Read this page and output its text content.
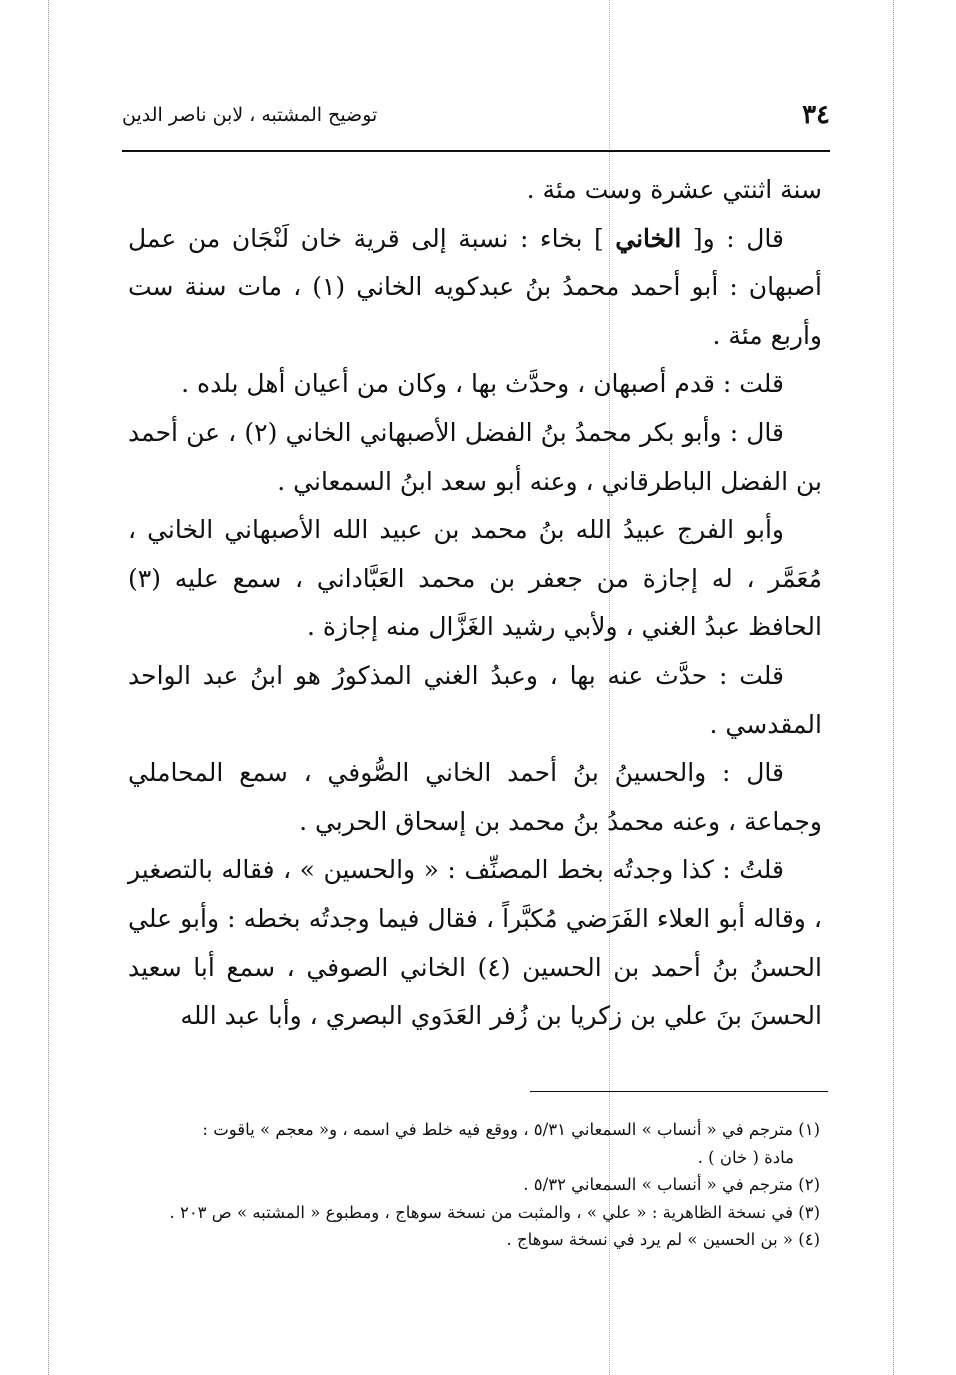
٣٤
توضيح المشتبه ، لابن ناصر الدين

سنة اثنتي عشرة وست مئة .

قال : و[ الخاني ] بخاء : نسبة إلى قرية خان لَنْجَان من عمل أصبهان : أبو أحمد محمدُ بنُ عبدكويه الخاني (١) ، مات سنة ست وأربع مئة .

قلت : قدم أصبهان ، وحدَّث بها ، وكان من أعيان أهل بلده .

قال : وأبو بكر محمدُ بنُ الفضل الأصبهاني الخاني (٢) ، عن أحمد بن الفضل الباطرقاني ، وعنه أبو سعد ابنُ السمعاني .

وأبو الفرج عبيدُ الله بنُ محمد بن عبيد الله الأصبهاني الخاني ، مُعَمَّر ، له إجازة من جعفر بن محمد العَبَّاداني ، سمع عليه (٣) الحافظ عبدُ الغني ، ولأبي رشيد الغَزَّال منه إجازة .

قلت : حدَّث عنه بها ، وعبدُ الغني المذكورُ هو ابنُ عبد الواحد المقدسي .

قال : والحسينُ بنُ أحمد الخاني الصُّوفي ، سمع المحاملي وجماعة ، وعنه محمدُ بنُ محمد بن إسحاق الحربي .

قلتُ : كذا وجدتُه بخط المصنِّف : « والحسين » ، فقاله بالتصغير ، وقاله أبو العلاء الفَرَضي مُكبَّراً ، فقال فيما وجدتُه بخطه : وأبو علي الحسنُ بنُ أحمد بن الحسين (٤) الخاني الصوفي ، سمع أبا سعيد الحسنَ بنَ علي بن زكريا بن زُفر العَدَوي البصري ، وأبا عبد الله

(١) مترجم في « أنساب » السمعاني ٥/٣١ ، ووقع فيه خلط في اسمه ، و« معجم » ياقوت :

مادة ( خان ) .

(٢) مترجم في « أنساب » السمعاني ٥/٣٢ .

(٣) في نسخة الظاهرية : « علي » ، والمثبت من نسخة سوهاج ، ومطبوع « المشتبه » ص ٢٠٣ .

(٤) « بن الحسين » لم يرد في نسخة سوهاج .
